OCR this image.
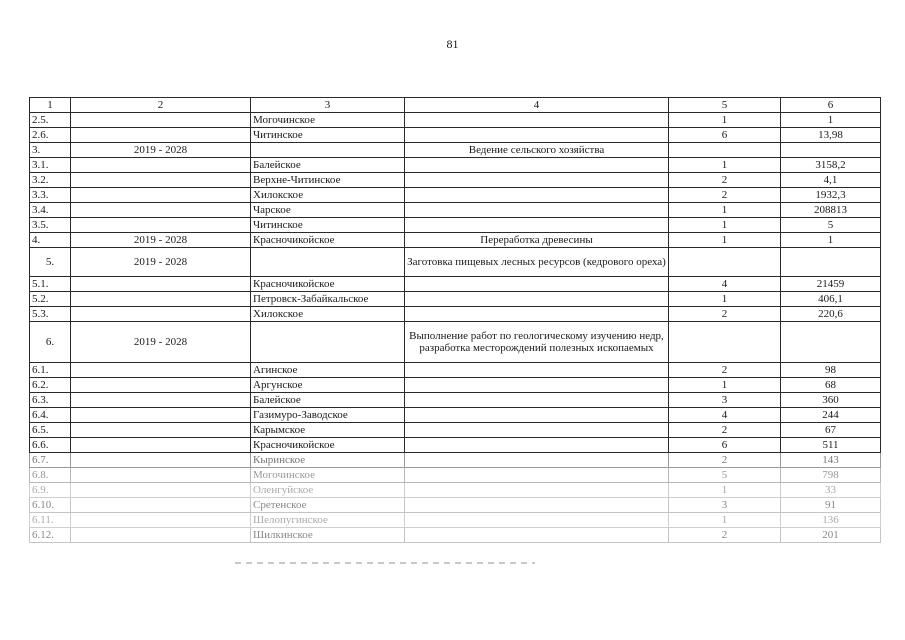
81
1	2	3	4	5	6
2.5.		Могочинское		1	1
2.6.		Читинское		6	13,98
3.	2019 - 2028		Ведение сельского хозяйства		
3.1.		Балейское		1	3158,2
3.2.		Верхне-Читинское		2	4,1
3.3.		Хилокское		2	1932,3
3.4.		Чарское		1	208813
3.5.		Читинское		1	5
4.	2019 - 2028	Красночикойское	Переработка древесины	1	1
5.	2019 - 2028		Заготовка пищевых лесных ресурсов (кедрового ореха)		
5.1.		Красночикойское		4	21459
5.2.		Петровск-Забайкальское		1	406,1
5.3.		Хилокское		2	220,6
6.	2019 - 2028		Выполнение работ по геологическому изучению недр, разработка месторождений полезных ископаемых		
6.1.		Агинское		2	98
6.2.		Аргунское		1	68
6.3.		Балейское		3	360
6.4.		Газимуро-Заводское		4	244
6.5.		Карымское		2	67
6.6.		Красночикойское		6	511
6.7.		Кыринское		2	143
6.8.		Могочинское		5	798
6.9.		Оленгуйское		1	33
6.10.		Сретенское		3	91
6.11.		Шелопугинское		1	136
6.12.		Шилкинское		2	201
